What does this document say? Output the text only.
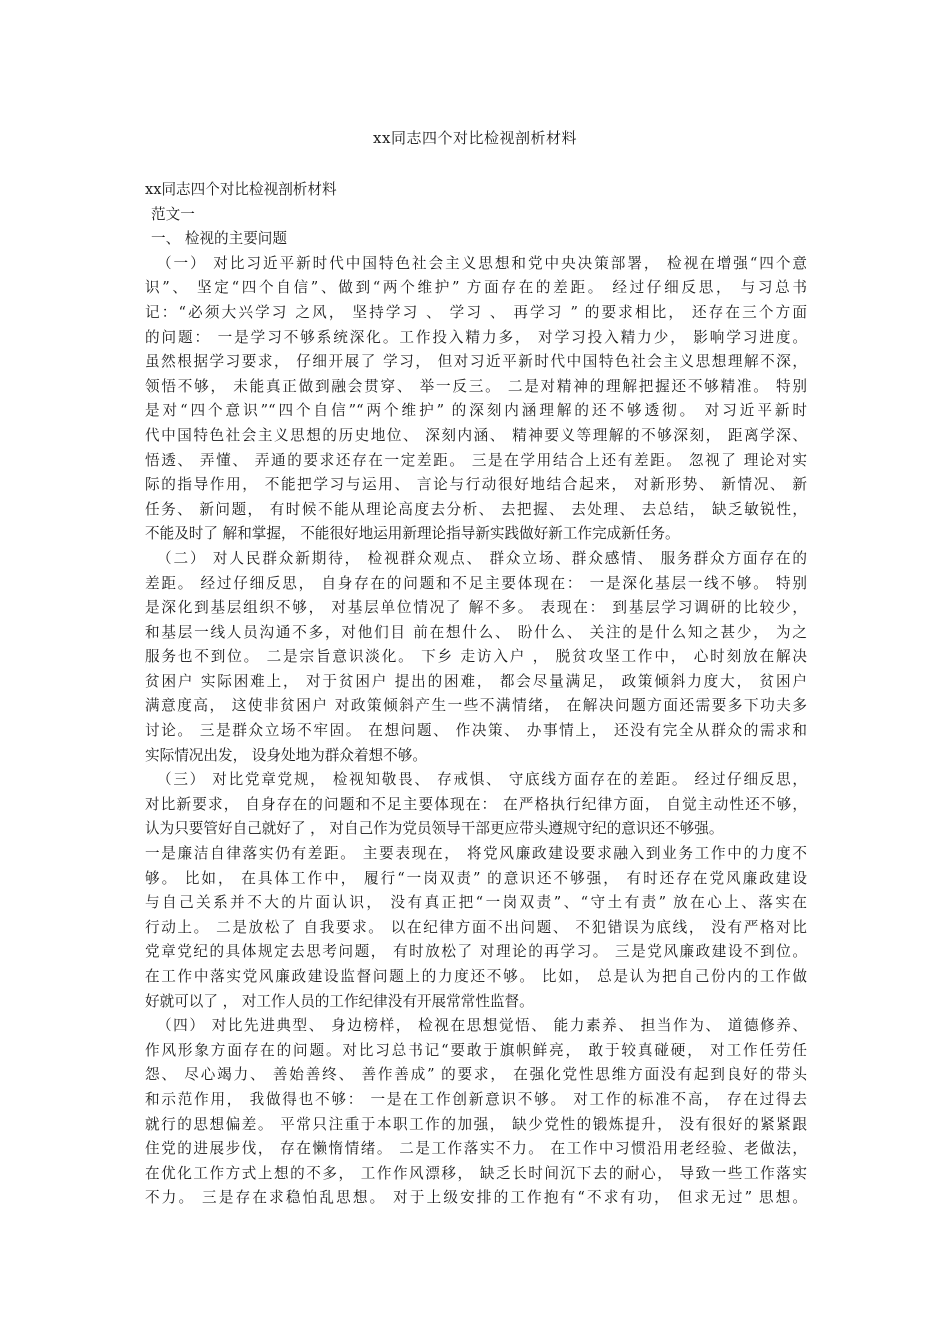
xx同志四个对比检视剖析材料
xx同志四个对比检视剖析材料
范文一
一、 检视的主要问题
（一） 对比习近平新时代中国特色社会主义思想和党中央决策部署， 检视在增强“四个意
识”、 坚定“四个自信”、做到“两个维护” 方面存在的差距。 经过仔细反思， 与习总书
记：“必须大兴学习 之风， 坚持学习 、 学习 、 再学习 ” 的要求相比， 还存在三个方面
的问题： 一是学习不够系统深化。工作投入精力多， 对学习投入精力少， 影响学习进度。
虽然根据学习要求， 仔细开展了 学习， 但对习近平新时代中国特色社会主义思想理解不深，
领悟不够， 未能真正做到融会贯穿、 举一反三。 二是对精神的理解把握还不够精准。 特别
是对“四个意识”“四个自信”“两个维护” 的深刻内涵理解的还不够透彻。 对习近平新时
代中国特色社会主义思想的历史地位、 深刻内涵、 精神要义等理解的不够深刻， 距离学深、
悟透、 弄懂、 弄通的要求还存在一定差距。 三是在学用结合上还有差距。 忽视了 理论对实
际的指导作用， 不能把学习与运用、 言论与行动很好地结合起来， 对新形势、 新情况、 新
任务、 新问题， 有时候不能从理论高度去分析、 去把握、 去处理、 去总结， 缺乏敏锐性，
不能及时了 解和掌握， 不能很好地运用新理论指导新实践做好新工作完成新任务。
（二） 对人民群众新期待， 检视群众观点、 群众立场、群众感情、 服务群众方面存在的
差距。 经过仔细反思， 自身存在的问题和不足主要体现在： 一是深化基层一线不够。 特别
是深化到基层组织不够， 对基层单位情况了 解不多。 表现在： 到基层学习调研的比较少，
和基层一线人员沟通不多，对他们目 前在想什么、 盼什么、 关注的是什么知之甚少， 为之
服务也不到位。 二是宗旨意识淡化。 下乡 走访入户 ， 脱贫攻坚工作中， 心时刻放在解决
贫困户 实际困难上， 对于贫困户 提出的困难， 都会尽量满足， 政策倾斜力度大， 贫困户
满意度高， 这使非贫困户 对政策倾斜产生一些不满情绪， 在解决问题方面还需要多下功夫多
讨论。 三是群众立场不牢固。 在想问题、 作决策、 办事情上， 还没有完全从群众的需求和
实际情况出发， 设身处地为群众着想不够。
（三） 对比党章党规， 检视知敬畏、 存戒惧、 守底线方面存在的差距。 经过仔细反思，
对比新要求， 自身存在的问题和不足主要体现在： 在严格执行纪律方面， 自觉主动性还不够，
认为只要管好自己就好了 ， 对自己作为党员领导干部更应带头遵规守纪的意识还不够强。
一是廉洁自律落实仍有差距。 主要表现在， 将党风廉政建设要求融入到业务工作中的力度不
够。 比如， 在具体工作中， 履行“一岗双责” 的意识还不够强， 有时还存在党风廉政建设
与自己关系并不大的片面认识， 没有真正把“一岗双责”、“守土有责” 放在心上、落实在
行动上。 二是放松了 自我要求。 以在纪律方面不出问题、 不犯错误为底线， 没有严格对比
党章党纪的具体规定去思考问题， 有时放松了 对理论的再学习。 三是党风廉政建设不到位。
在工作中落实党风廉政建设监督问题上的力度还不够。 比如， 总是认为把自己份内的工作做
好就可以了 ， 对工作人员的工作纪律没有开展常常性监督。
（四） 对比先进典型、 身边榜样， 检视在思想觉悟、 能力素养、 担当作为、 道德修养、
作风形象方面存在的问题。对比习总书记“要敢于旗帜鲜亮， 敢于较真碰硬， 对工作任劳任
怨、 尽心竭力、 善始善终、 善作善成” 的要求， 在强化党性思维方面没有起到良好的带头
和示范作用， 我做得也不够： 一是在工作创新意识不够。 对工作的标准不高， 存在过得去
就行的思想偏差。 平常只注重于本职工作的加强， 缺少党性的锻炼提升， 没有很好的紧紧跟
住党的进展步伐， 存在懒惰情绪。 二是工作落实不力。 在工作中习惯沿用老经验、老做法，
在优化工作方式上想的不多， 工作作风漂移， 缺乏长时间沉下去的耐心， 导致一些工作落实
不力。 三是存在求稳怕乱思想。 对于上级安排的工作抱有“不求有功， 但求无过” 思想。
